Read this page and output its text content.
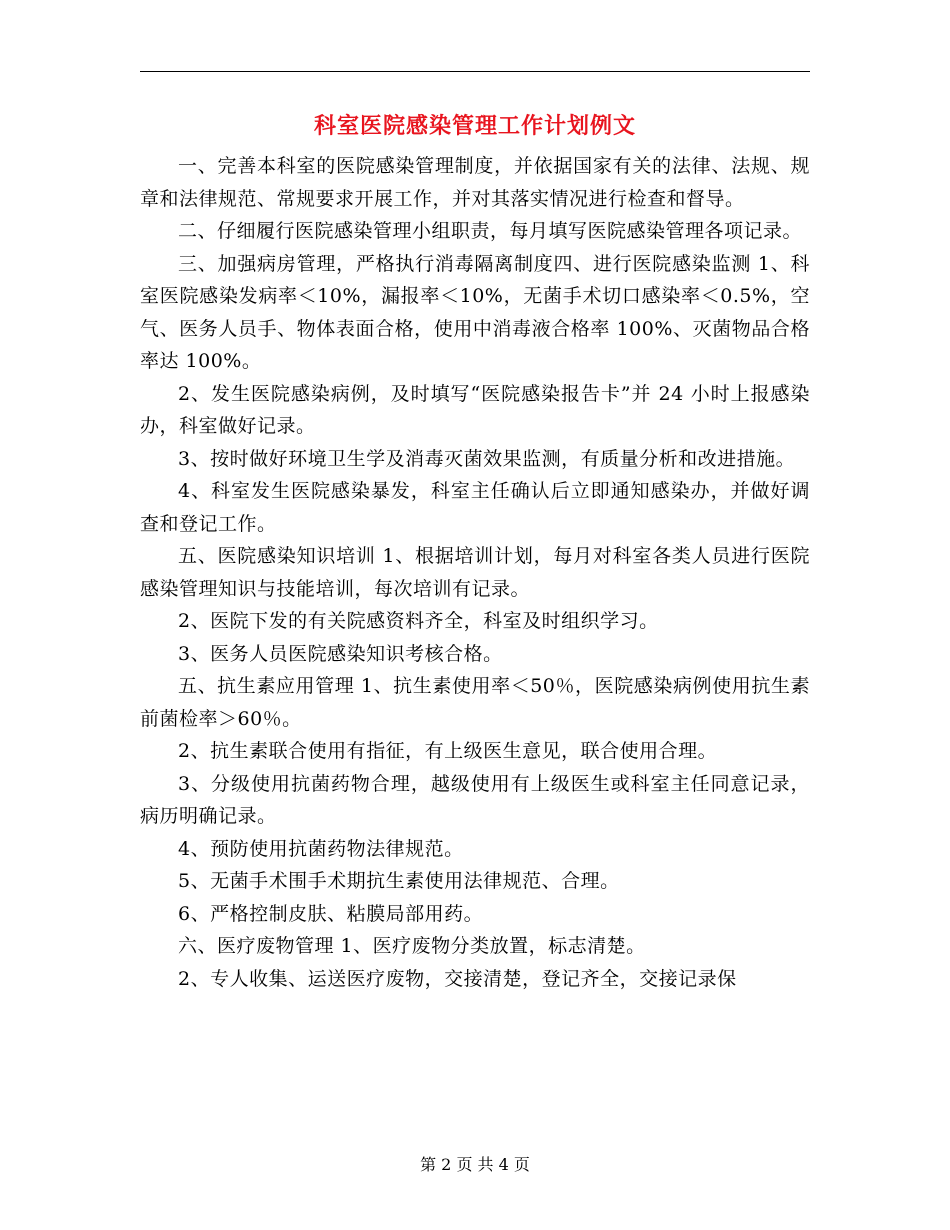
科室医院感染管理工作计划例文

一、完善本科室的医院感染管理制度，并依据国家有关的法律、法规、规章和法律规范、常规要求开展工作，并对其落实情况进行检查和督导。

二、仔细履行医院感染管理小组职责，每月填写医院感染管理各项记录。

三、加强病房管理，严格执行消毒隔离制度四、进行医院感染监测 1、科室医院感染发病率＜10%，漏报率＜10%，无菌手术切口感染率＜0.5%，空气、医务人员手、物体表面合格，使用中消毒液合格率 100%、灭菌物品合格率达 100%。

2、发生医院感染病例，及时填写“医院感染报告卡”并 24 小时上报感染办，科室做好记录。

3、按时做好环境卫生学及消毒灭菌效果监测，有质量分析和改进措施。

4、科室发生医院感染暴发，科室主任确认后立即通知感染办，并做好调查和登记工作。

五、医院感染知识培训 1、根据培训计划，每月对科室各类人员进行医院感染管理知识与技能培训，每次培训有记录。

2、医院下发的有关院感资料齐全，科室及时组织学习。

3、医务人员医院感染知识考核合格。

五、抗生素应用管理 1、抗生素使用率＜50％，医院感染病例使用抗生素前菌检率＞60％。

2、抗生素联合使用有指征，有上级医生意见，联合使用合理。

3、分级使用抗菌药物合理，越级使用有上级医生或科室主任同意记录，病历明确记录。

4、预防使用抗菌药物法律规范。

5、无菌手术围手术期抗生素使用法律规范、合理。

6、严格控制皮肤、粘膜局部用药。

六、医疗废物管理 1、医疗废物分类放置，标志清楚。

2、专人收集、运送医疗废物，交接清楚，登记齐全，交接记录保

第 2 页 共 4 页
